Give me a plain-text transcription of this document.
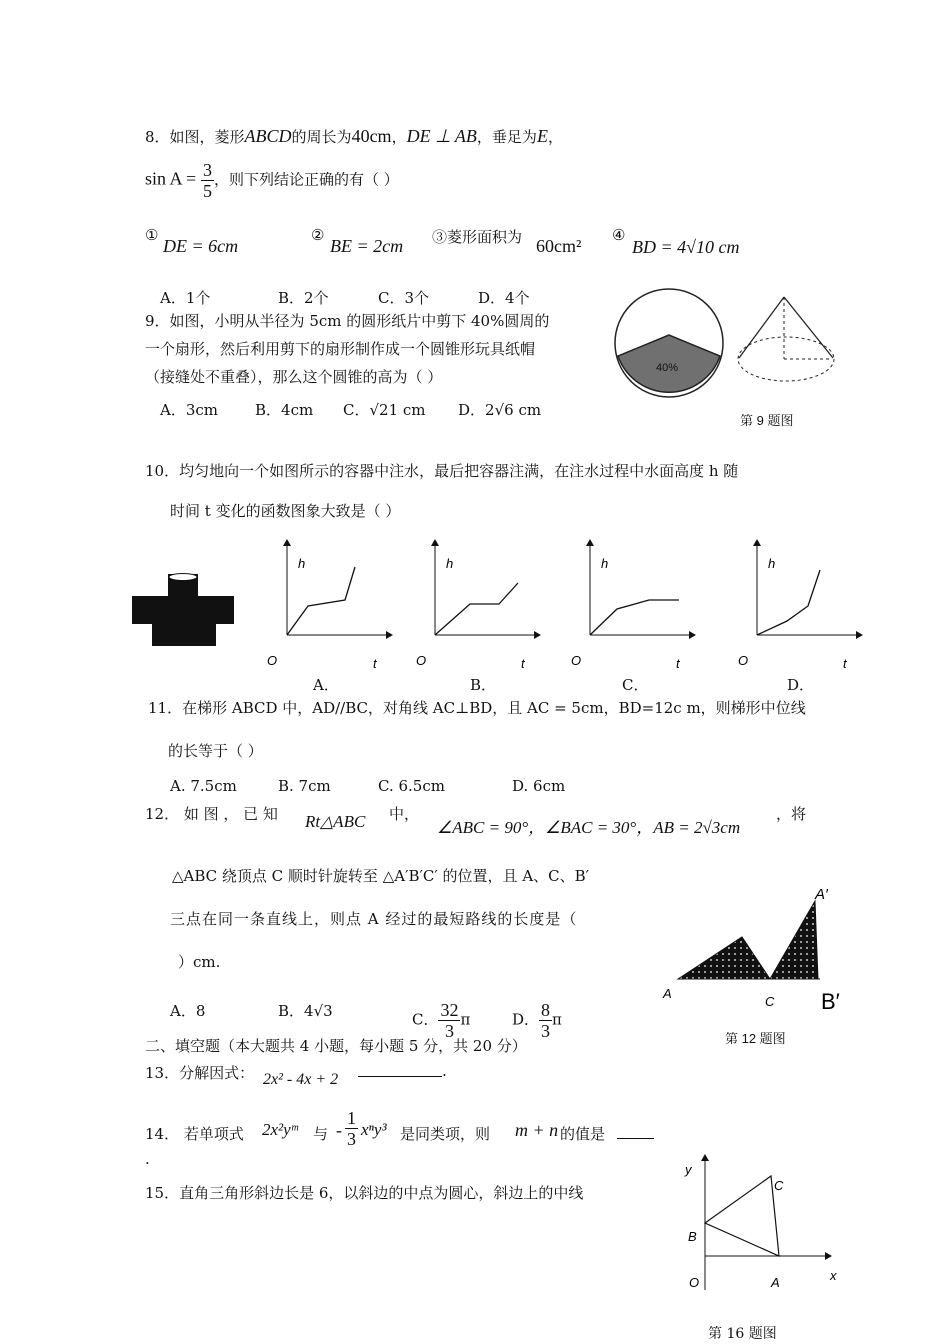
8．如图，菱形ABCD的周长为40cm，DE ⊥ AB，垂足为E，
$\sin A = \frac{3}{5}$ ，则下列结论正确的有（ ）
①
DE = 6cm
②
BE = 2cm ③菱形面积为 60cm²
④
BD = 4√10 cm
A．1个	B．2个	C．3个	D．4个
9．如图，小明从半径为 5cm 的圆形纸片中剪下 40%圆周的
一个扇形，然后利用剪下的扇形制作成一个圆锥形玩具纸帽
（接缝处不重叠），那么这个圆锥的高为（ ）
A．3cm B．4cm C．√21 cm D．2√6 cm
40%
第 9 题图
10．均匀地向一个如图所示的容器中注水，最后把容器注满，在注水过程中水面高度 h 随
时间 t 变化的函数图象大致是（ ）
h
O	t
A．
h
O	t
B．
h
O	t
C．
h
O	t
D．
11．在梯形 ABCD 中，AD//BC，对角线 AC⊥BD，且 AC = 5cm，BD=12c m，则梯形中位线
的长等于（ ）
A. 7.5cm	B. 7cm	C. 6.5cm	D. 6cm
12． 如 图 ， 已 知 Rt△ABC 中，
∠ABC = 90°，∠BAC = 30°，AB = 2√3cm
，将
△ABC 绕顶点 C 顺时针旋转至 △A′B′C′ 的位置，且 A、C、B′
三点在同一条直线上，则点 A 经过的最短路线的长度是（
）cm.
A．8	B．4√3	C． $\frac{32}{3}$ π	D． $\frac{8}{3}$ π
A
C
A′
B′
第 12 题图
二、填空题（本大题共 4 小题，每小题 5 分，共 20 分）
13．分解因式： 2x² - 4x + 2	.
14． 若单项式 2x²yᵐ 与 - $\frac{1}{3} x^ny^3$ 是同类项，则 m + n 的值是
.
15．直角三角形斜边长是 6，以斜边的中点为圆心，斜边上的中线
y
C
B
O	A	x
第 16 题图
